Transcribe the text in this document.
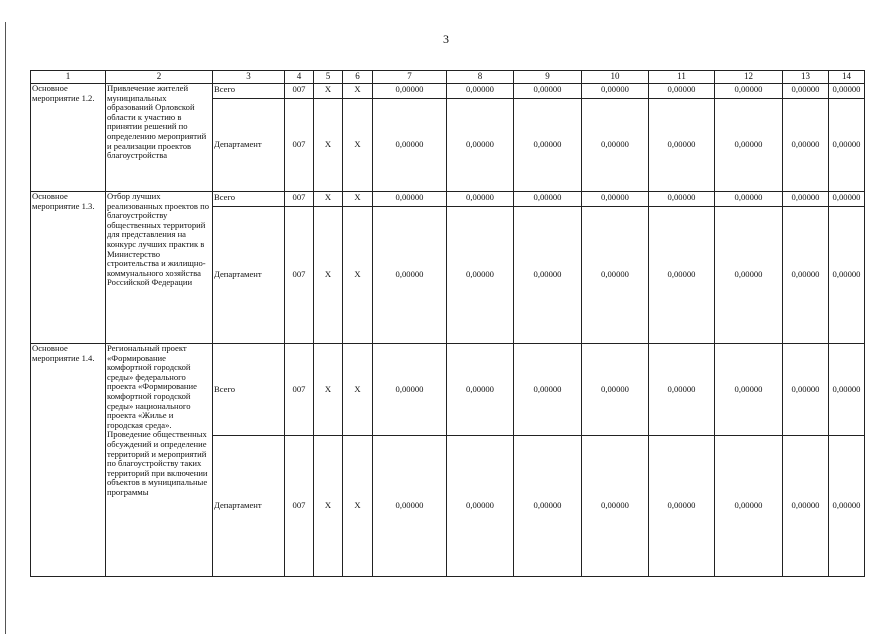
3
1	2	3	4	5	6	7	8	9	10	11	12	13	14
Основное мероприятие 1.2.	Привлечение жителей муниципальных образований Орловской области к участию в принятии решений по определению мероприятий и реализации проектов благоустройства	Всего	007	Х	Х	0,00000	0,00000	0,00000	0,00000	0,00000	0,00000	0,00000	0,00000
		Департамент	007	Х	Х	0,00000	0,00000	0,00000	0,00000	0,00000	0,00000	0,00000	0,00000
Основное мероприятие 1.3.	Отбор лучших реализованных проектов по благоустройству общественных территорий для представления на конкурс лучших практик в Министерство строительства и жилищно-коммунального хозяйства Российской Федерации	Всего	007	Х	Х	0,00000	0,00000	0,00000	0,00000	0,00000	0,00000	0,00000	0,00000
		Департамент	007	Х	Х	0,00000	0,00000	0,00000	0,00000	0,00000	0,00000	0,00000	0,00000
Основное мероприятие 1.4.	Региональный проект «Формирование комфортной городской среды» федерального проекта «Формирование комфортной городской среды» национального проекта «Жилье и городская среда». Проведение общественных обсуждений и определение территорий и мероприятий по благоустройству таких территорий при включении объектов в муниципальные программы	Всего	007	Х	Х	0,00000	0,00000	0,00000	0,00000	0,00000	0,00000	0,00000	0,00000
		Департамент	007	Х	Х	0,00000	0,00000	0,00000	0,00000	0,00000	0,00000	0,00000	0,00000
